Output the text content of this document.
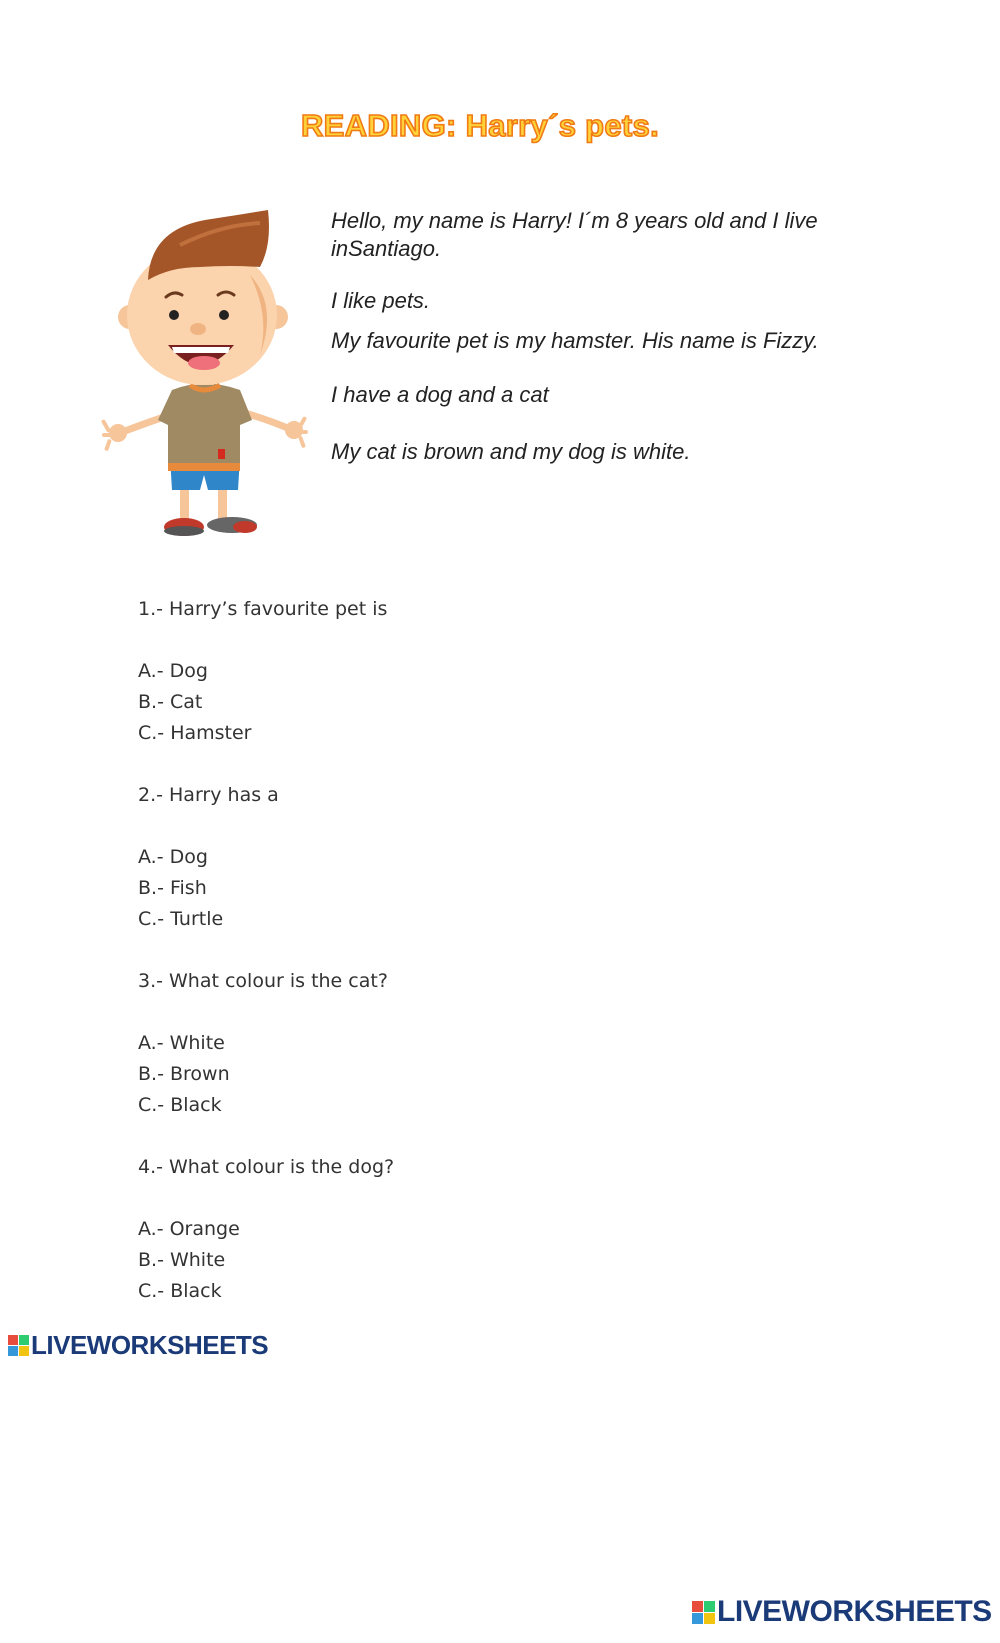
READING: Harry´s pets.

Hello, my name is Harry! I´m 8 years old and I live inSantiago.

I like pets.

My favourite pet is my hamster. His name is Fizzy.

I have a dog and a cat

My cat is brown and my dog is white.

1.- Harry’s favourite pet is
A.- Dog
B.- Cat
C.- Hamster
2.- Harry has a
A.- Dog
B.- Fish
C.- Turtle
3.- What colour is the cat?
A.- White
B.- Brown
C.- Black
4.- What colour is the dog?
A.- Orange
B.- White
C.- Black
LIVEWORKSHEETS
LIVEWORKSHEETS
